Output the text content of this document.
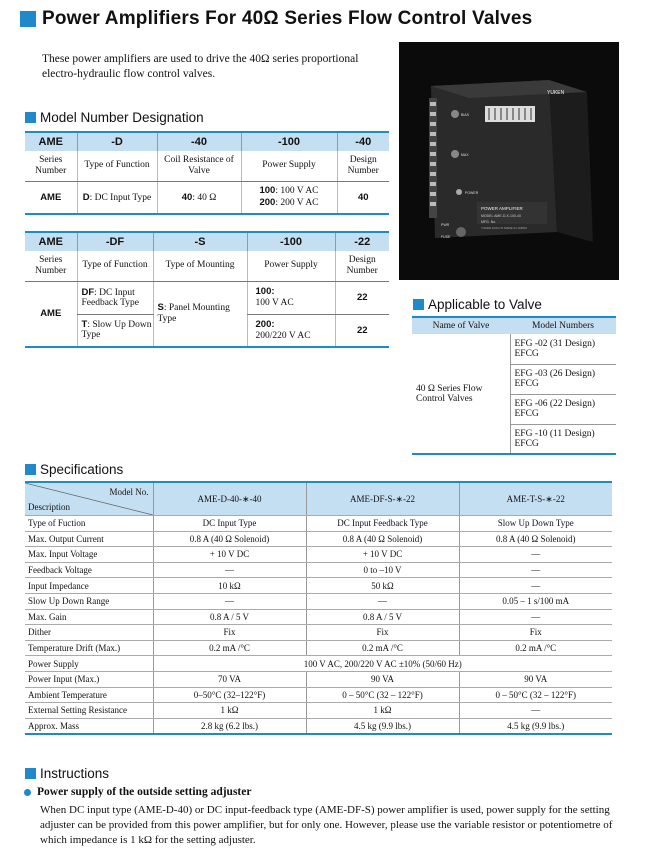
Power Amplifiers For 40Ω Series Flow Control Valves

These power amplifiers are used to drive the 40Ω series proportional electro-hydraulic flow control valves.

YUKEN
POWER AMPLIFIER
MODEL AME-D-X-100-40
MFG. No.
YUKEN KOGYO MADE IN JAPAN
BIAS
MAX
POWER
PWR
FUSE
Model Number Designation
AME	-D	-40	-100	-40
Series Number	Type of Function	Coil Resistance of Valve	Power Supply	Design Number
AME	D: DC Input Type	40: 40 Ω	100: 100 V AC
200: 200 V AC	40
AME	-DF	-S	-100	-22
Series Number	Type of Function	Type of Mounting	Power Supply	Design Number
AME	DF: DC Input Feedback Type	S: Panel Mounting Type	100:
100 V AC	22
	T: Slow Up Down Type		200:
200/220 V AC	22
Applicable to Valve
Name of Valve	Model Numbers
40 Ω Series Flow Control Valves	EFG -02 (31 Design)
EFCG
	EFG -03 (26 Design)
EFCG
	EFG -06 (22 Design)
EFCG
	EFG -10 (11 Design)
EFCG
Specifications
Model No.
Description	AME-D-40-∗-40	AME-DF-S-∗-22	AME-T-S-∗-22
Type of Fuction	DC Input Type	DC Input Feedback Type	Slow Up Down Type
Max. Output Current	0.8 A (40 Ω Solenoid)	0.8 A (40 Ω Solenoid)	0.8 A (40 Ω Solenoid)
Max. Input Voltage	+ 10 V DC	+ 10 V DC	—
Feedback Voltage	—	0 to –10 V	—
Input Impedance	10 kΩ	50 kΩ	—
Slow Up Down Range	—	—	0.05 – 1 s/100 mA
Max. Gain	0.8 A / 5 V	0.8 A / 5 V	—
Dither	Fix	Fix	Fix
Temperature Drift (Max.)	0.2 mA /°C	0.2 mA /°C	0.2 mA /°C
Power Supply	100 V AC, 200/220 V AC ±10% (50/60 Hz)		
Power Input (Max.)	70 VA	90 VA	90 VA
Ambient Temperature	0–50°C (32–122°F)	0 – 50°C (32 – 122°F)	0 – 50°C (32 – 122°F)
External Setting Resistance	1 kΩ	1 kΩ	—
Approx. Mass	2.8 kg (6.2 lbs.)	4.5 kg (9.9 lbs.)	4.5 kg (9.9 lbs.)
Instructions
Power supply of the outside setting adjuster

When DC input type (AME-D-40) or DC input-feedback type (AME-DF-S) power amplifier is used, power supply for the setting adjuster can be provided from this power amplifier, but for only one. However, please use the variable resistor or potentiometre of which impedance is 1 kΩ for the setting adjuster.
